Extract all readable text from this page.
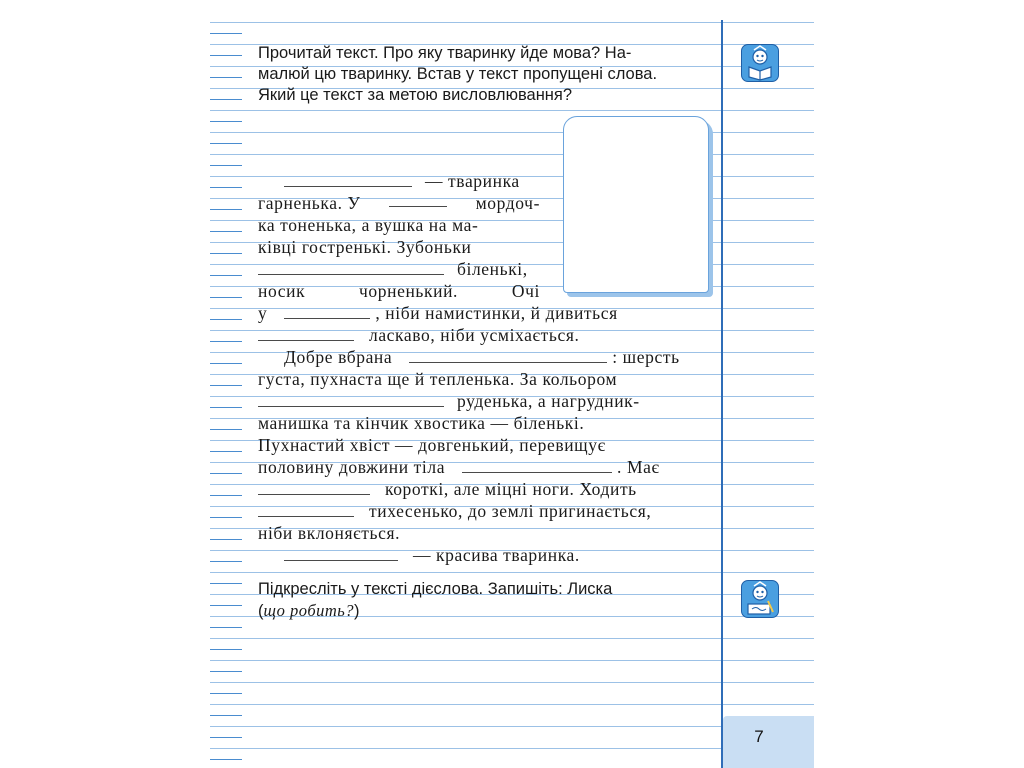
Прочитай текст. Про яку тваринку йде мова? На-
малюй цю тваринку. Встав у текст пропущені слова.
Який це текст за метою висловлювання?
— тваринка
гарненька. У	мордоч-
ка тоненька, а вушка на ма-
ківці гостренькі. Зубоньки
біленькі,
носик	чорненький.	Очі
у	, ніби намистинки, й дивиться
ласкаво, ніби усміхається.
Добре вбрана	: шерсть
густа, пухнаста ще й тепленька. За кольором
руденька, а нагрудник-
манишка та кінчик хвостика — біленькі.
Пухнастий хвіст — довгенький, перевищує
половину довжини тіла	. Має
короткі, але міцні ноги. Ходить
тихесенько, до землі пригинається,
ніби вклоняється.
— красива тваринка.
Підкресліть у тексті дієслова. Запишіть: Лиска
(що робить?)
7
